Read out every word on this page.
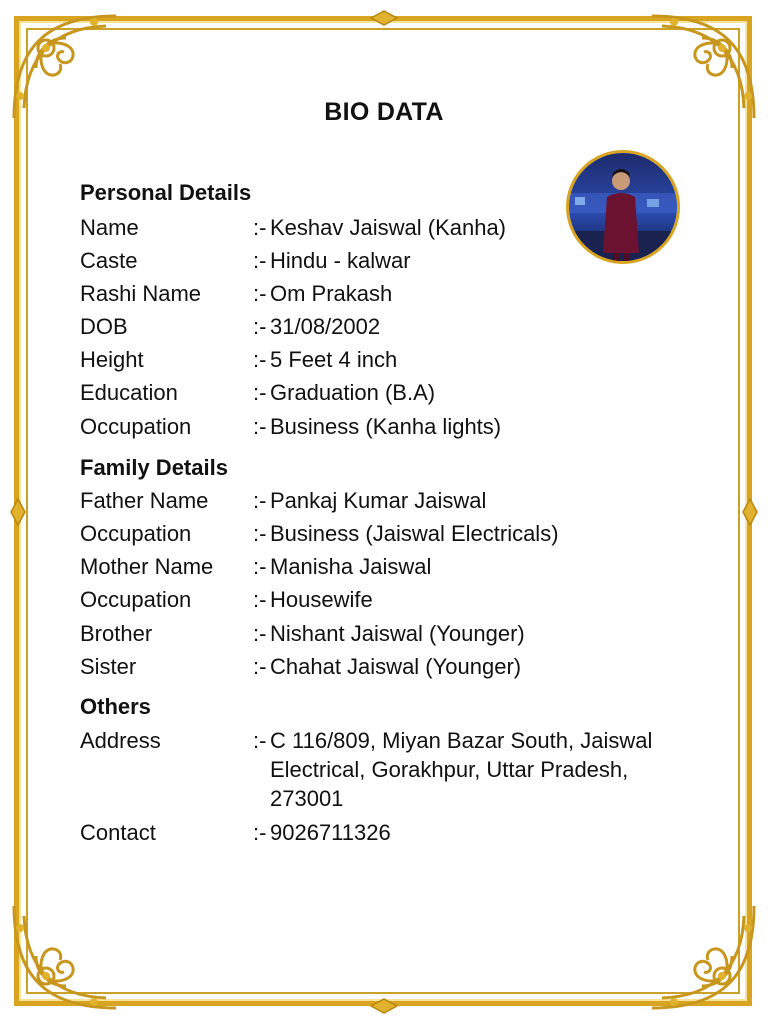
BIO DATA
Personal Details
Name	:- Keshav Jaiswal (Kanha)
Caste	:- Hindu - kalwar
Rashi Name :- Om Prakash
DOB	:- 31/08/2002
Height	:- 5 Feet 4 inch
Education	:- Graduation (B.A)
Occupation	:- Business (Kanha lights)
Family Details
Father Name :- Pankaj Kumar Jaiswal
Occupation	:- Business (Jaiswal Electricals)
Mother Name :- Manisha Jaiswal
Occupation	:- Housewife
Brother	:- Nishant Jaiswal (Younger)
Sister	:- Chahat Jaiswal (Younger)
Others
Address	:- C 116/809, Miyan Bazar South, Jaiswal Electrical, Gorakhpur, Uttar Pradesh, 273001
Contact	:- 9026711326
